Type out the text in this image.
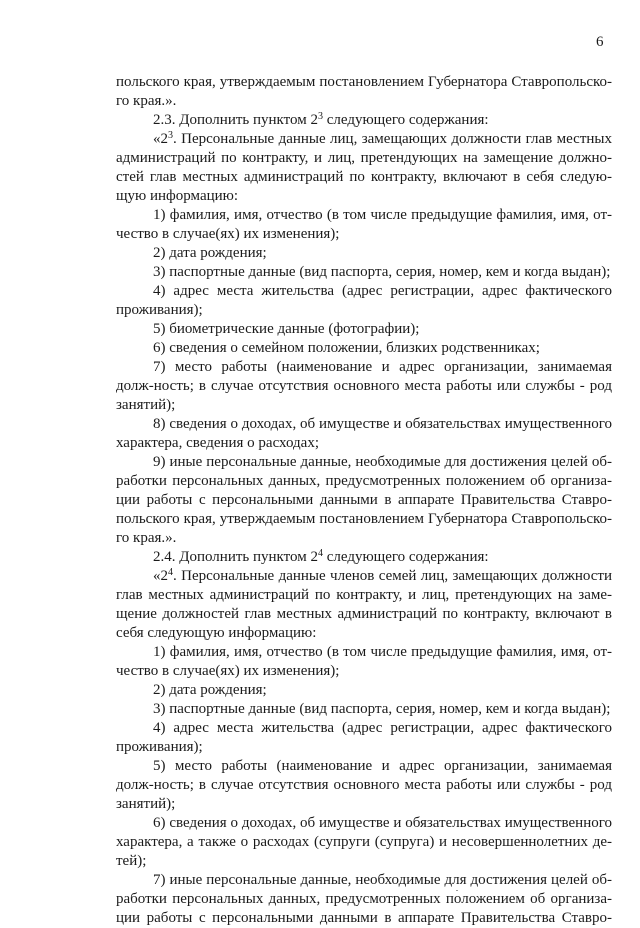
6

польского края, утверждаемым постановлением Губернатора Ставропольско-го края.».

2.3. Дополнить пунктом $2^3$ следующего содержания:

«$2^3$. Персональные данные лиц, замещающих должности глав местных администраций по контракту, и лиц, претендующих на замещение должно-стей глав местных администраций по контракту, включают в себя следую-щую информацию:

1) фамилия, имя, отчество (в том числе предыдущие фамилия, имя, от-чество в случае(ях) их изменения);

2) дата рождения;

3) паспортные данные (вид паспорта, серия, номер, кем и когда выдан);

4) адрес места жительства (адрес регистрации, адрес фактического проживания);

5) биометрические данные (фотографии);

6) сведения о семейном положении, близких родственниках;

7) место работы (наименование и адрес организации, занимаемая долж-ность; в случае отсутствия основного места работы или службы - род занятий);

8) сведения о доходах, об имуществе и обязательствах имущественного характера, сведения о расходах;

9) иные персональные данные, необходимые для достижения целей об-работки персональных данных, предусмотренных положением об организа-ции работы с персональными данными в аппарате Правительства Ставро-польского края, утверждаемым постановлением Губернатора Ставропольско-го края.».

2.4. Дополнить пунктом $2^4$ следующего содержания:

«$2^4$. Персональные данные членов семей лиц, замещающих должности глав местных администраций по контракту, и лиц, претендующих на заме-щение должностей глав местных администраций по контракту, включают в себя следующую информацию:

1) фамилия, имя, отчество (в том числе предыдущие фамилия, имя, от-чество в случае(ях) их изменения);

2) дата рождения;

3) паспортные данные (вид паспорта, серия, номер, кем и когда выдан);

4) адрес места жительства (адрес регистрации, адрес фактического проживания);

5) место работы (наименование и адрес организации, занимаемая долж-ность; в случае отсутствия основного места работы или службы - род занятий);

6) сведения о доходах, об имуществе и обязательствах имущественного характера, а также о расходах (супруги (супруга) и несовершеннолетних де-тей);

7) иные персональные данные, необходимые для достижения целей об-работки персональных данных, предусмотренных положением об организа-ции работы с персональными данными в аппарате Правительства Ставро-
